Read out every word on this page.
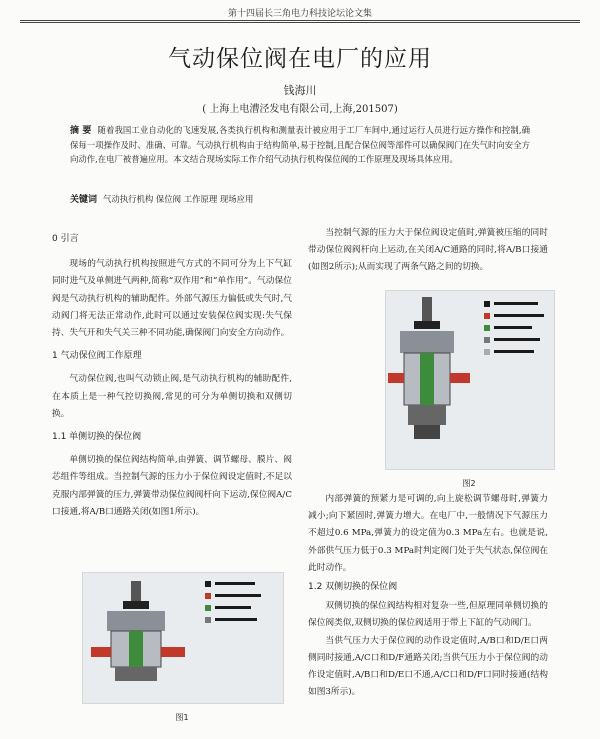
第十四届长三角电力科技论坛论文集
气动保位阀在电厂的应用
钱海川
( 上海上电漕泾发电有限公司,上海,201507)
摘 要 随着我国工业自动化的飞速发展,各类执行机构和测量表计被应用于工厂车间中,通过运行人员进行远方操作和控制,确保每一项操作及时、准确、可靠。气动执行机构由于结构简单,易于控制,且配合保位阀等部件可以确保阀门在失气时向安全方向动作,在电厂被普遍应用。本文结合现场实际工作介绍气动执行机构保位阀的工作原理及现场具体应用。
关键词 气动执行机构 保位阀 工作原理 现场应用
0 引言

现场的气动执行机构按照进气方式的不同可分为上下气缸同时进气及单侧进气两种,简称“双作用”和“单作用”。气动保位阀是气动执行机构的辅助配件。外部气源压力偏低或失气时,气动阀门将无法正常动作,此时可以通过安装保位阀实现:失气保持、失气开和失气关三种不同功能,确保阀门向安全方向动作。

1 气动保位阀工作原理

气动保位阀,也叫气动锁止阀,是气动执行机构的辅助配件,在本质上是一种气控切换阀,常见的可分为单侧切换和双侧切换。

1.1 单侧切换的保位阀

单侧切换的保位阀结构简单,由弹簧、调节螺母、膜片、阀芯组件等组成。当控制气源的压力小于保位阀设定值时,不足以克服内部弹簧的压力,弹簧带动保位阀阀杆向下运动,保位阀A/C口接通,将A/B口通路关闭(如图1所示)。

图1

当控制气源的压力大于保位阀设定值时,弹簧被压缩的同时带动保位阀阀杆向上运动,在关闭A/C通路的同时,将A/B口接通(如图2所示);从而实现了两条气路之间的切换。

图2

内部弹簧的预紧力是可调的,向上旋松调节螺母时,弹簧力减小;向下紧固时,弹簧力增大。在电厂中,一般情况下气源压力不超过0.6 MPa,弹簧力的设定值为0.3 MPa左右。也就是说,外部供气压力低于0.3 MPa时判定阀门处于失气状态,保位阀在此时动作。

1.2 双侧切换的保位阀

双侧切换的保位阀结构相对复杂一些,但原理同单侧切换的保位阀类似,双侧切换的保位阀适用于带上下缸的气动阀门。

当供气压力大于保位阀的动作设定值时,A/B口和D/E口两侧同时接通,A/C口和D/F通路关闭;当供气压力小于保位阀的动作设定值时,A/B口和D/E口不通,A/C口和D/F口同时接通(结构如图3所示)。
